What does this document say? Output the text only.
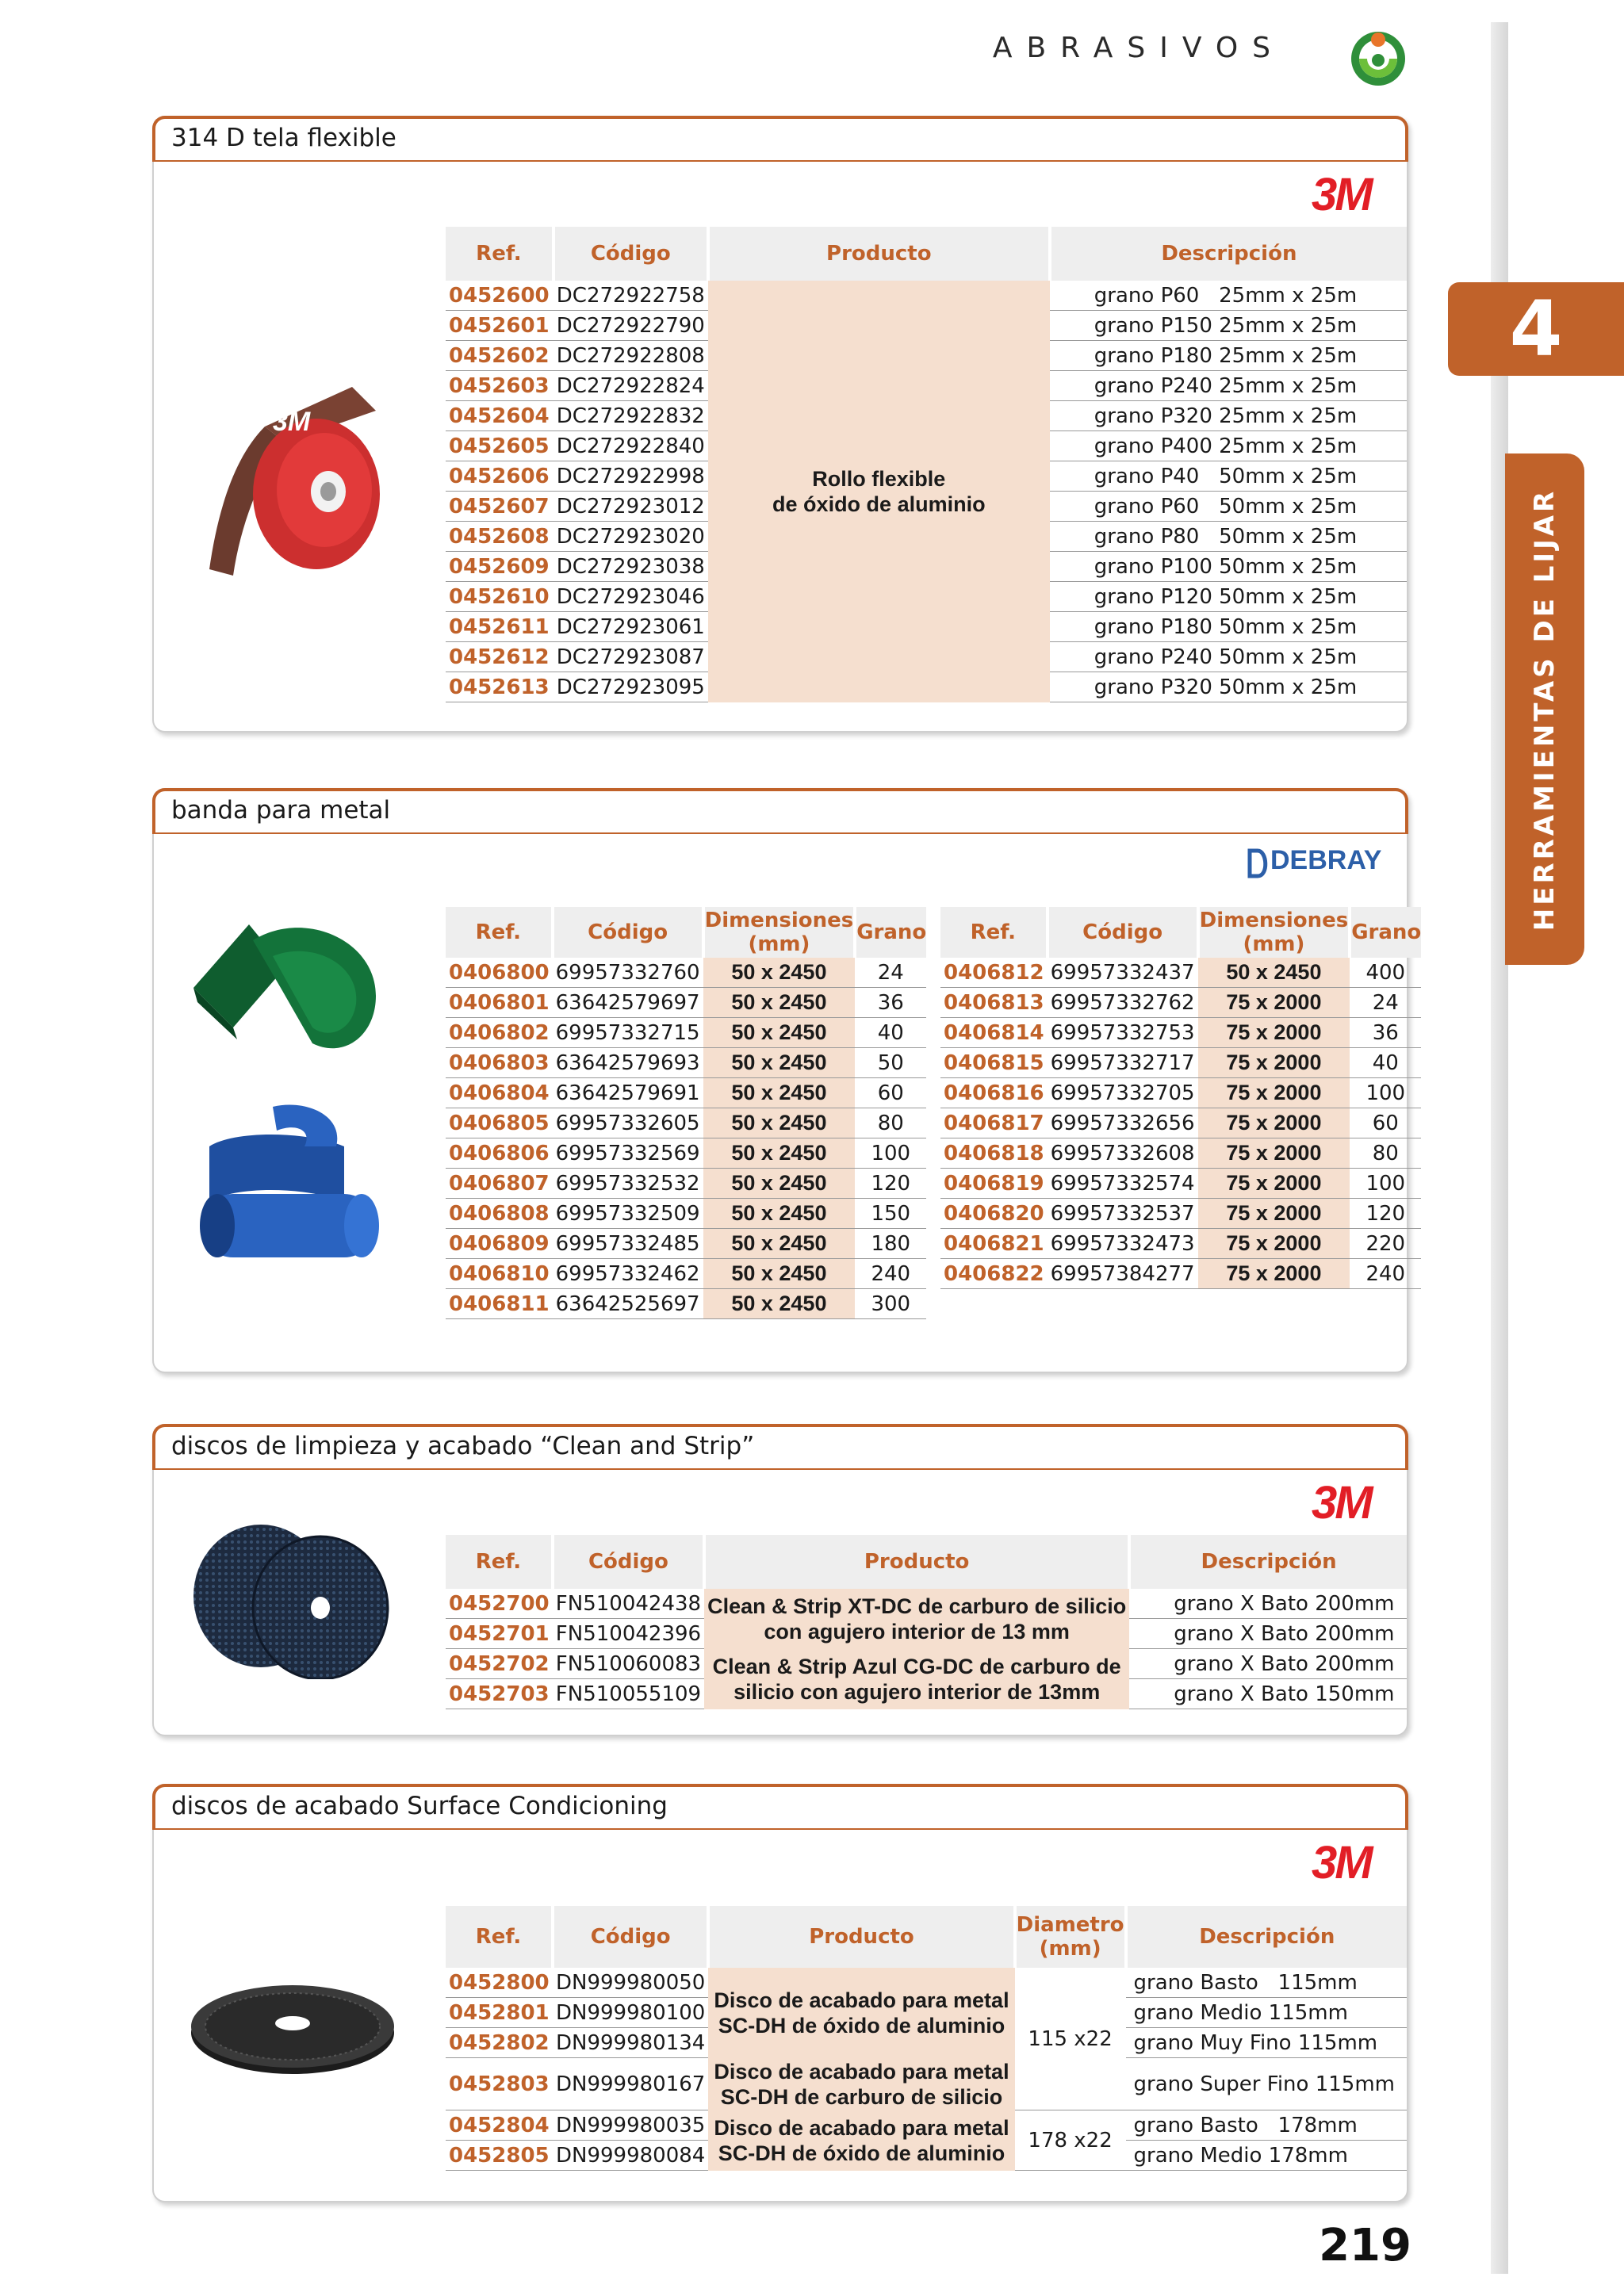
ABRASIVOS
4
HERRAMIENTAS DE LIJAR
314 D tela flexible
3M
3M
Ref.	Código	Producto	Descripción
0452600	DC272922758	Rollo flexible
de óxido de aluminio	grano P60   25mm x 25m
0452601	DC272922790		grano P150 25mm x 25m
0452602	DC272922808		grano P180 25mm x 25m
0452603	DC272922824		grano P240 25mm x 25m
0452604	DC272922832		grano P320 25mm x 25m
0452605	DC272922840		grano P400 25mm x 25m
0452606	DC272922998		grano P40   50mm x 25m
0452607	DC272923012		grano P60   50mm x 25m
0452608	DC272923020		grano P80   50mm x 25m
0452609	DC272923038		grano P100 50mm x 25m
0452610	DC272923046		grano P120 50mm x 25m
0452611	DC272923061		grano P180 50mm x 25m
0452612	DC272923087		grano P240 50mm x 25m
0452613	DC272923095		grano P320 50mm x 25m
banda para metal
DEBRAY
Ref.	Código	Dimensiones (mm)	Grano
0406800	69957332760	50 x 2450	24
0406801	63642579697	50 x 2450	36
0406802	69957332715	50 x 2450	40
0406803	63642579693	50 x 2450	50
0406804	63642579691	50 x 2450	60
0406805	69957332605	50 x 2450	80
0406806	69957332569	50 x 2450	100
0406807	69957332532	50 x 2450	120
0406808	69957332509	50 x 2450	150
0406809	69957332485	50 x 2450	180
0406810	69957332462	50 x 2450	240
0406811	63642525697	50 x 2450	300
Ref.	Código	Dimensiones (mm)	Grano
0406812	69957332437	50 x 2450	400
0406813	69957332762	75 x 2000	24
0406814	69957332753	75 x 2000	36
0406815	69957332717	75 x 2000	40
0406816	69957332705	75 x 2000	100
0406817	69957332656	75 x 2000	60
0406818	69957332608	75 x 2000	80
0406819	69957332574	75 x 2000	100
0406820	69957332537	75 x 2000	120
0406821	69957332473	75 x 2000	220
0406822	69957384277	75 x 2000	240
discos de limpieza y acabado “Clean and Strip”
3M
Ref.	Código	Producto	Descripción
0452700	FN510042438	Clean & Strip XT-DC de carburo de silicio
con agujero interior de 13 mm	grano X Bato 200mm
0452701	FN510042396		grano X Bato 200mm
0452702	FN510060083	Clean & Strip Azul CG-DC de carburo de
silicio con agujero interior de 13mm	grano X Bato 200mm
0452703	FN510055109		grano X Bato 150mm
discos de acabado Surface Condicioning
3M
Ref.	Código	Producto	Diametro (mm)	Descripción
0452800	DN999980050	Disco de acabado para metal
SC-DH de óxido de aluminio	115 x22	grano Basto   115mm
0452801	DN999980100			grano Medio 115mm
0452802	DN999980134			grano Muy Fino 115mm
0452803	DN999980167	Disco de acabado para metal
SC-DH de carburo de silicio		grano Super Fino 115mm
0452804	DN999980035	Disco de acabado para metal
SC-DH de óxido de aluminio	178 x22	grano Basto   178mm
0452805	DN999980084			grano Medio 178mm
219
